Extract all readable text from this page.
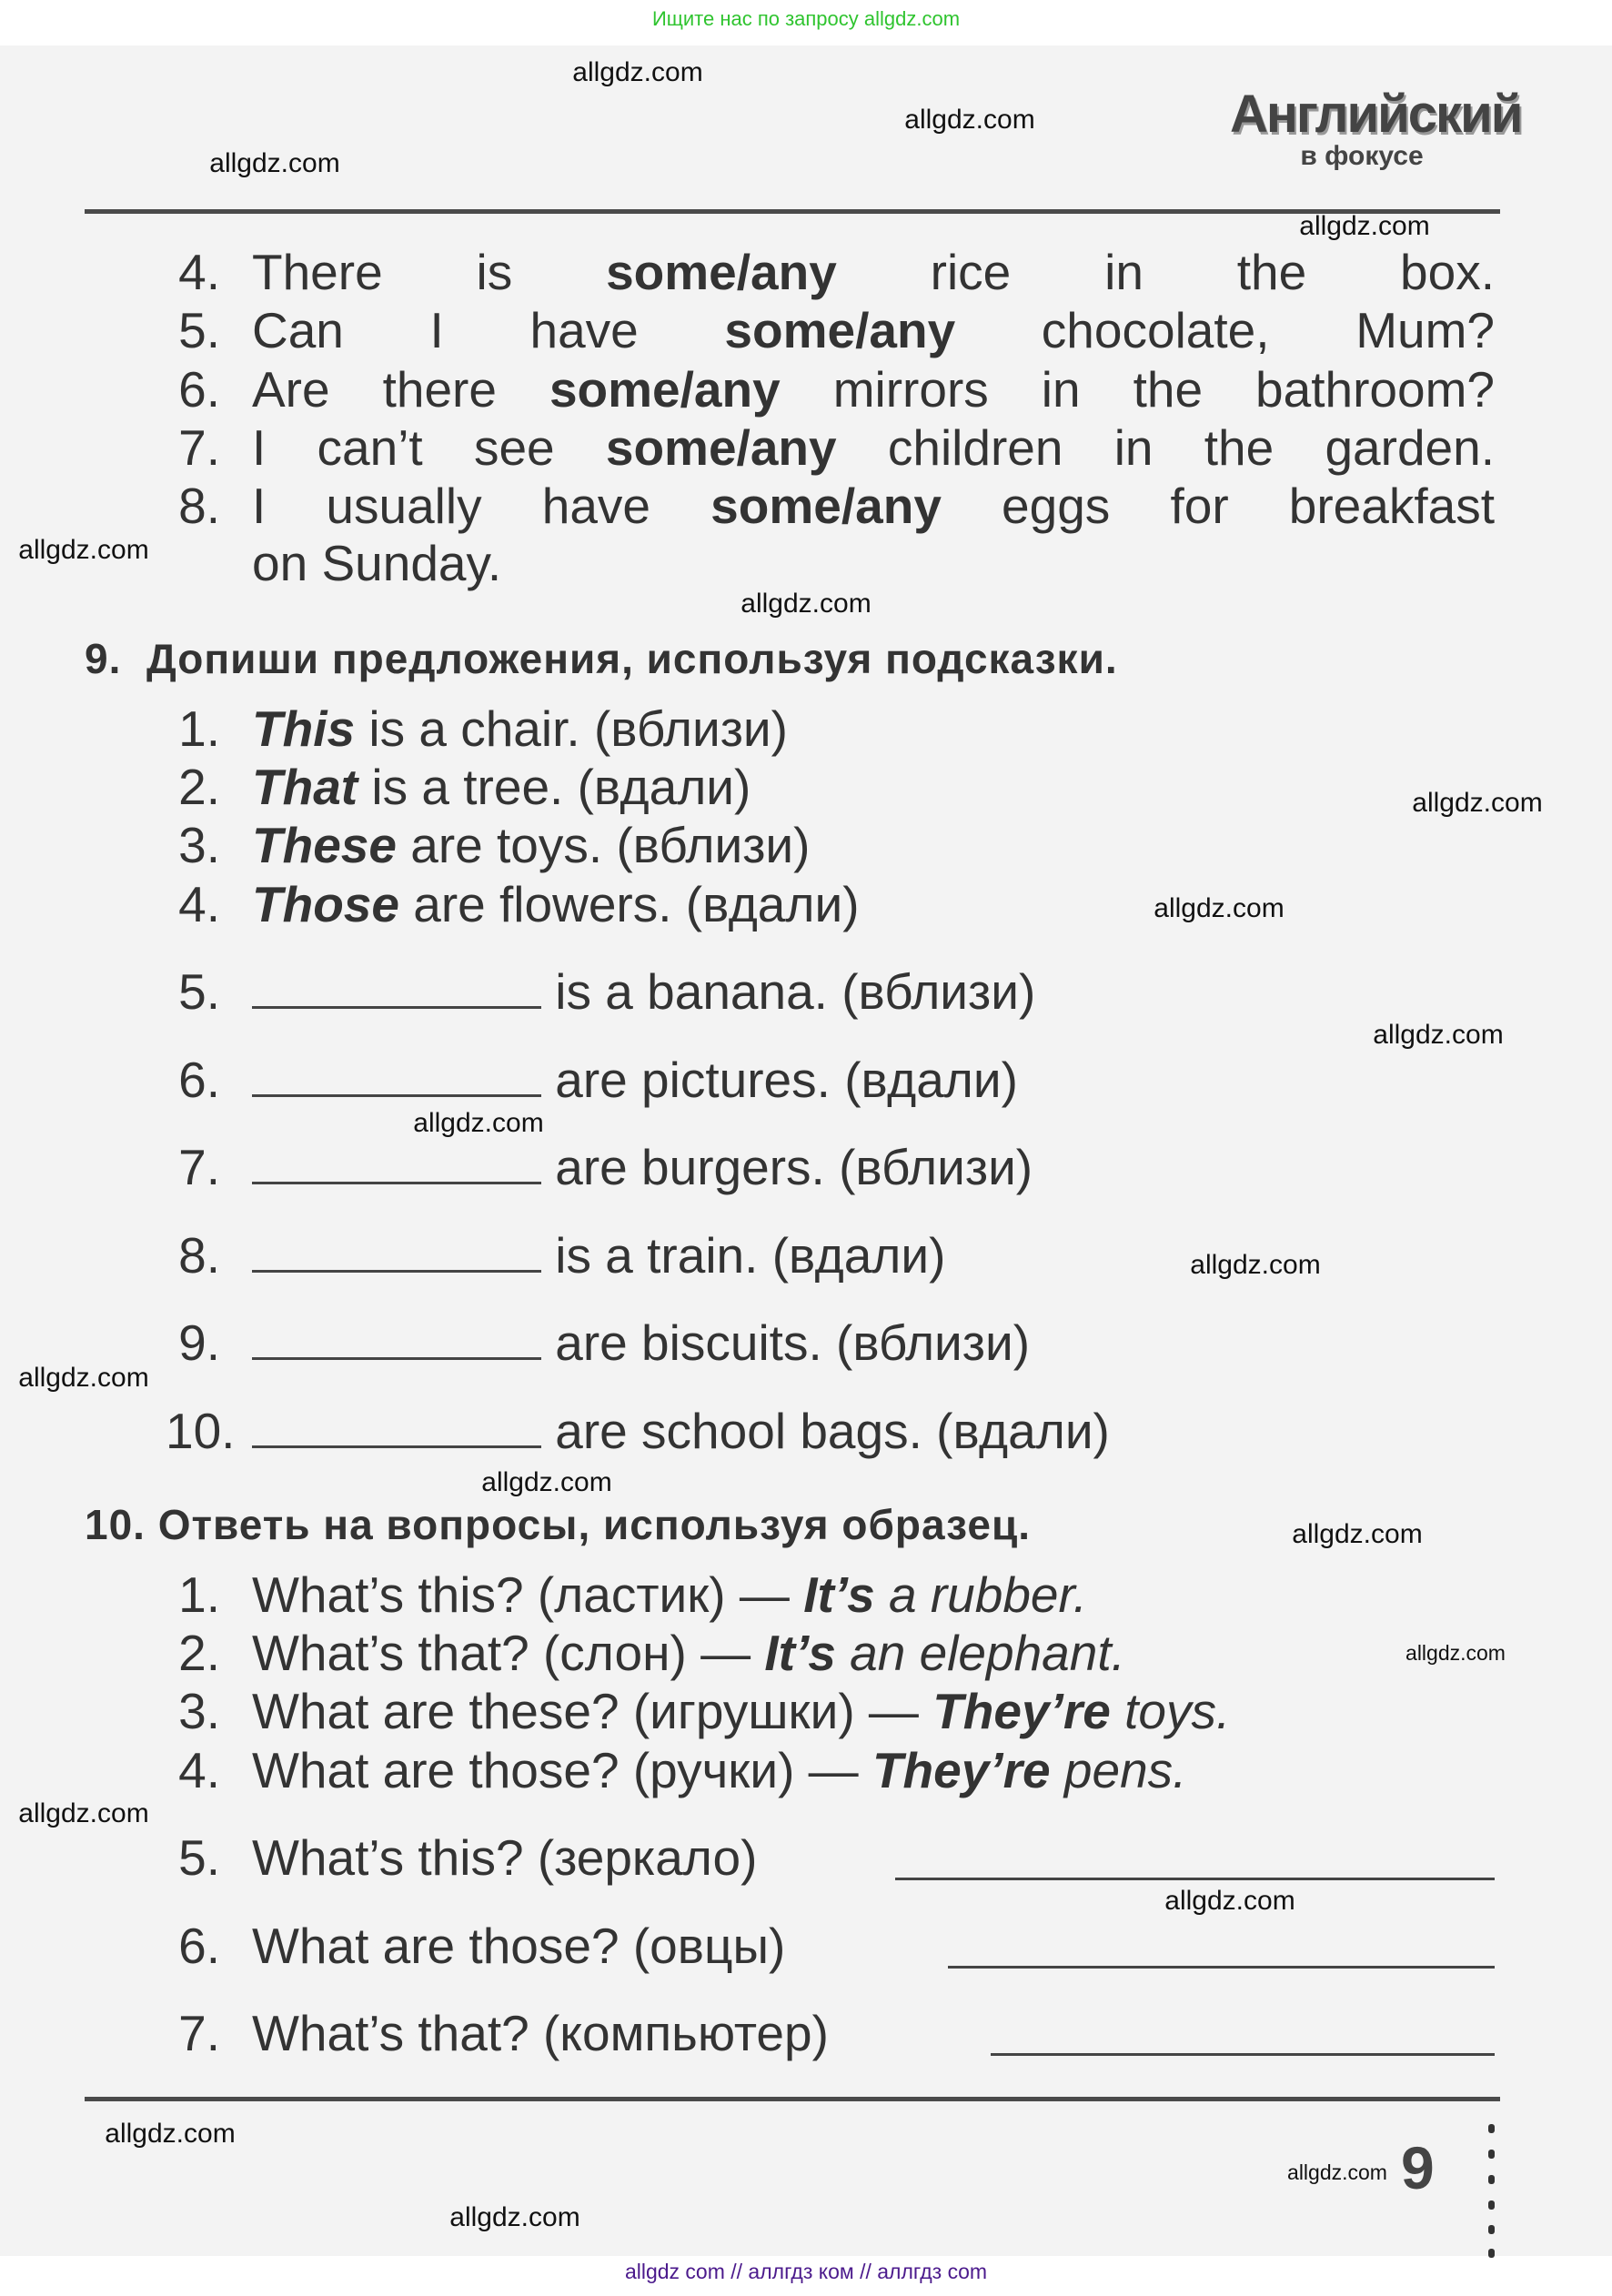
Ищите нас по запросу allgdz.com
Английский
в фокусе
4. There is some/any rice in the box.
5. Can I have some/any chocolate, Mum?
6. Are there some/any mirrors in the bathroom?
7. I can’t see some/any children in the garden.
8. I usually have some/any eggs for breakfast
on Sunday.
9. Допиши предложения, используя подсказки.
1. This is a chair. (вблизи)
2. That is a tree. (вдали)
3. These are toys. (вблизи)
4. Those are flowers. (вдали)
5.	is a banana. (вблизи)
6.	are pictures. (вдали)
7.	are burgers. (вблизи)
8.	is a train. (вдали)
9.	are biscuits. (вблизи)
10.	are school bags. (вдали)
10. Ответь на вопросы, используя образец.
1. What’s this? (ластик) — It’s a rubber.
2. What’s that? (слон) — It’s an elephant.
3. What are these? (игрушки) — They’re toys.
4. What are those? (ручки) — They’re pens.
5. What’s this? (зеркало)
6. What are those? (овцы)
7. What’s that? (компьютер)
9
allgdz.com
allgdz.com
allgdz.com
allgdz.com
allgdz.com
allgdz.com
allgdz.com
allgdz.com
allgdz.com
allgdz.com
allgdz.com
allgdz.com
allgdz.com
allgdz.com
allgdz.com
allgdz.com
allgdz.com
allgdz.com
allgdz.com
allgdz.com
allgdz com // аллгдз ком // аллгдз com
